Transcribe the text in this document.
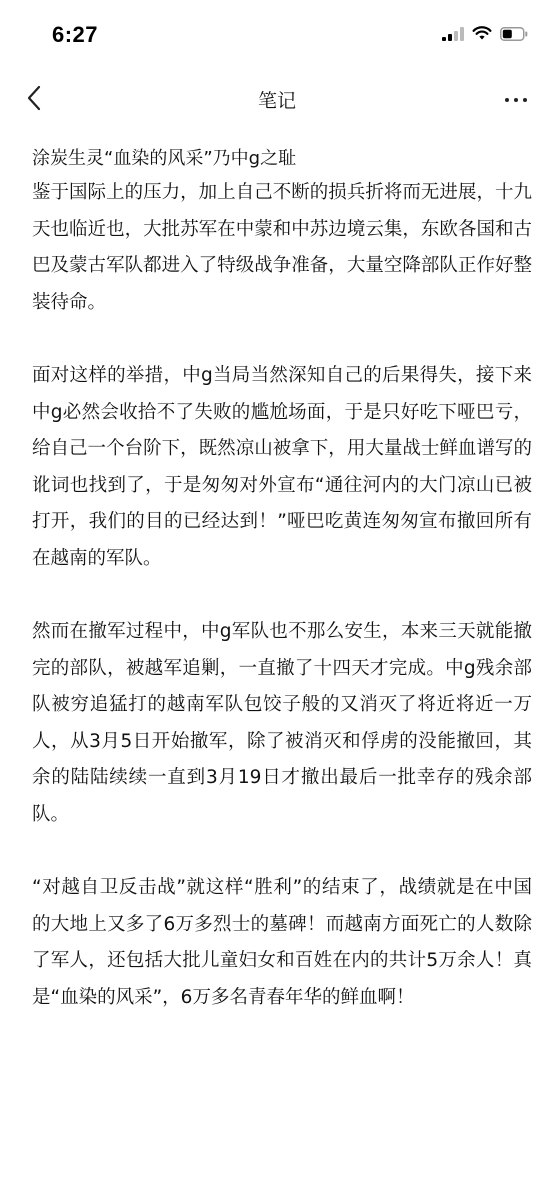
6:27
笔记
涂炭生灵“血染的风采”乃中g之耻

鉴于国际上的压力，加上自己不断的损兵折将而无进展，十九天也临近也，大批苏军在中蒙和中苏边境云集，东欧各国和古巴及蒙古军队都进入了特级战争准备，大量空降部队正作好整装待命。

面对这样的举措，中g当局当然深知自己的后果得失，接下来中g必然会收拾不了失败的尴尬场面，于是只好吃下哑巴亏，给自己一个台阶下，既然凉山被拿下，用大量战士鲜血谱写的讹词也找到了，于是匆匆对外宣布“通往河内的大门凉山已被打开，我们的目的已经达到！”哑巴吃黄连匆匆宣布撤回所有在越南的军队。

然而在撤军过程中，中g军队也不那么安生，本来三天就能撤完的部队，被越军追剿，一直撤了十四天才完成。中g残余部队被穷追猛打的越南军队包饺子般的又消灭了将近将近一万人，从3月5日开始撤军，除了被消灭和俘虏的没能撤回，其余的陆陆续续一直到3月19日才撤出最后一批幸存的残余部队。

“对越自卫反击战”就这样“胜利”的结束了，战绩就是在中国的大地上又多了6万多烈士的墓碑！而越南方面死亡的人数除了军人，还包括大批儿童妇女和百姓在内的共计5万余人！真是“血染的风采”，6万多名青春年华的鲜血啊！
